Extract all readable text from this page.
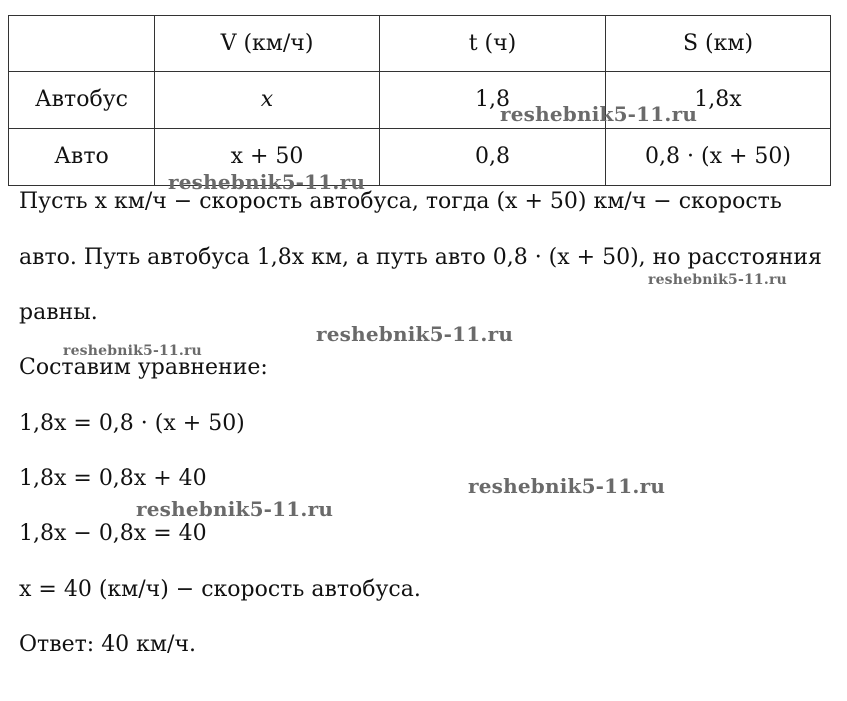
	V (км/ч)	t (ч)	S (км)
Автобус	x	1,8	1,8x
Авто	x + 50	0,8	0,8 · (x + 50)
Пусть x км/ч − скорость автобуса, тогда (x + 50) км/ч − скорость
авто. Путь автобуса 1,8x км, а путь авто 0,8 · (x + 50), но расстояния
равны.
Составим уравнение:
1,8x = 0,8 · (x + 50)
1,8x = 0,8x + 40
1,8x − 0,8x = 40
x = 40 (км/ч) − скорость автобуса.
Ответ: 40 км/ч.
reshebnik5-11.ru
reshebnik5-11.ru
reshebnik5-11.ru
reshebnik5-11.ru
reshebnik5-11.ru
reshebnik5-11.ru
reshebnik5-11.ru
